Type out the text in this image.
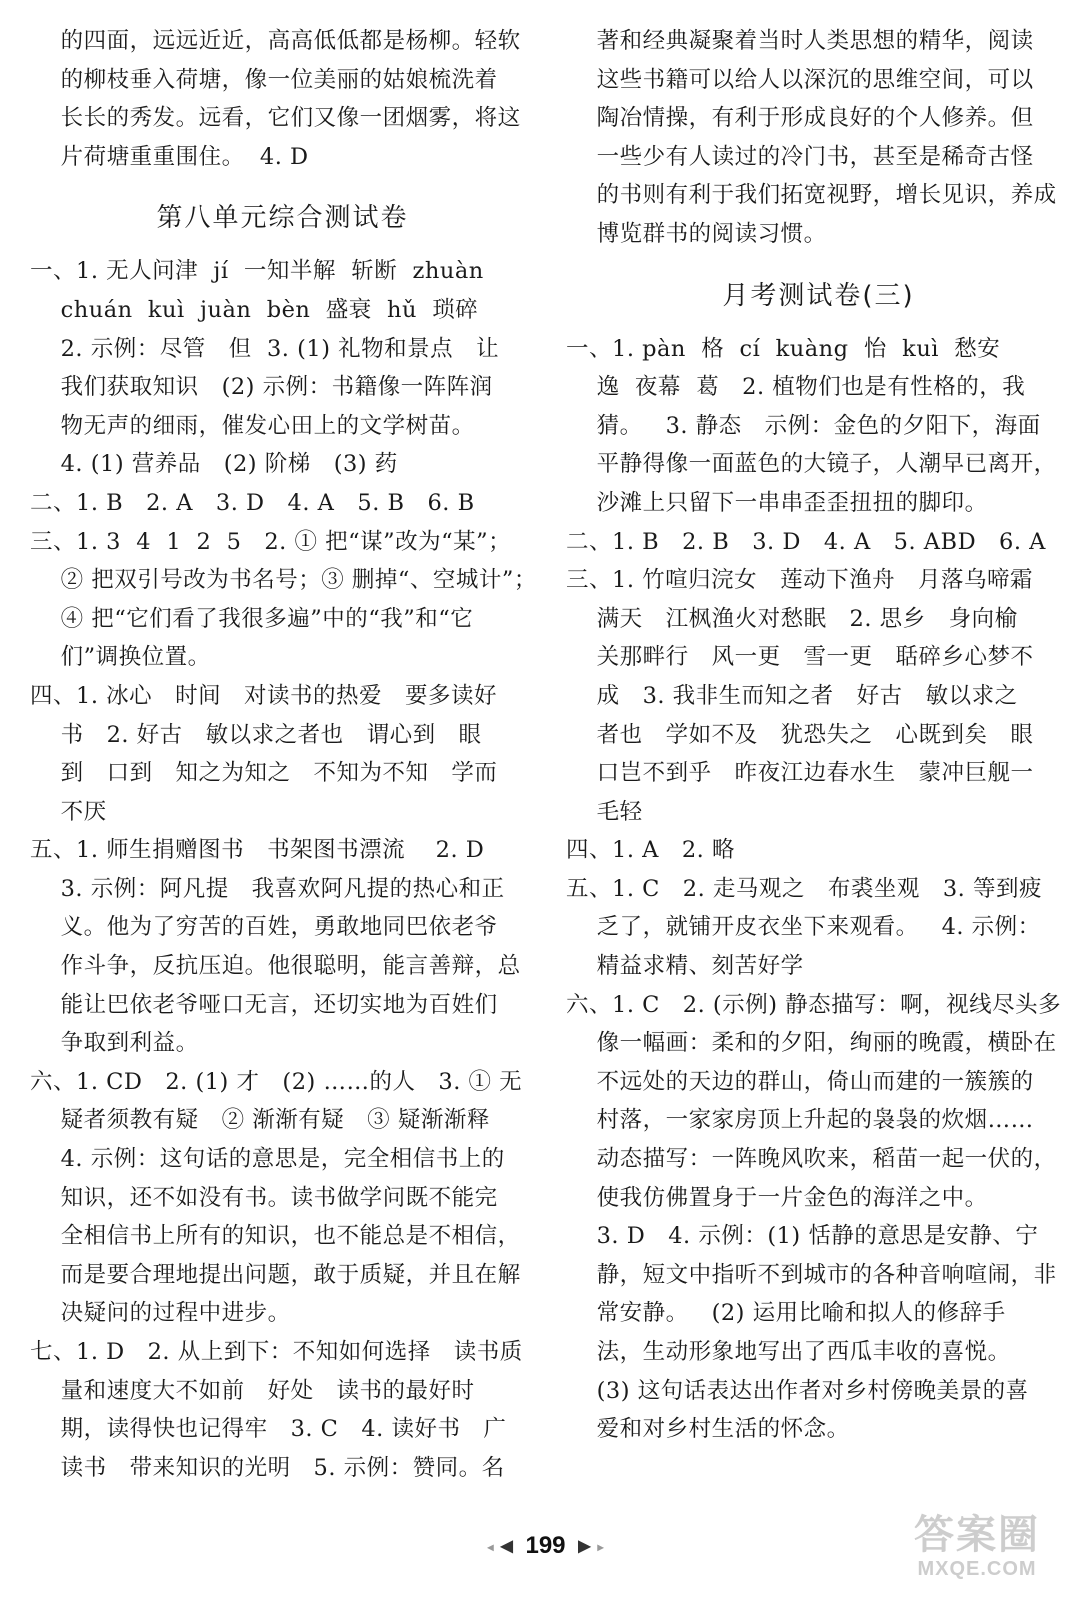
的四面，远远近近，高高低低都是杨柳。轻软
的柳枝垂入荷塘，像一位美丽的姑娘梳洗着
长长的秀发。远看，它们又像一团烟雾，将这
片荷塘重重围住。  4. D
第八单元综合测试卷
一、1. 无人问津  jí  一知半解  斩断  zhuàn
chuán  kuì  juàn  bèn  盛衰  hǔ  琐碎
2. 示例：尽管   但  3. (1) 礼物和景点   让
我们获取知识   (2) 示例：书籍像一阵阵润
物无声的细雨，催发心田上的文学树苗。
4. (1) 营养品   (2) 阶梯   (3) 药
二、1. B   2. A   3. D   4. A   5. B   6. B
三、1. 3  4  1  2  5   2. ① 把“谋”改为“某”；
② 把双引号改为书名号；③ 删掉“、空城计”；
④ 把“它们看了我很多遍”中的“我”和“它
们”调换位置。
四、1. 冰心   时间   对读书的热爱   要多读好
书   2. 好古   敏以求之者也   谓心到   眼
到   口到   知之为知之   不知为不知   学而
不厌
五、1. 师生捐赠图书   书架图书漂流    2. D
3. 示例：阿凡提   我喜欢阿凡提的热心和正
义。他为了穷苦的百姓，勇敢地同巴依老爷
作斗争，反抗压迫。他很聪明，能言善辩，总
能让巴依老爷哑口无言，还切实地为百姓们
争取到利益。
六、1. CD   2. (1) 才   (2) ……的人   3. ① 无
疑者须教有疑   ② 渐渐有疑   ③ 疑渐渐释
4. 示例：这句话的意思是，完全相信书上的
知识，还不如没有书。读书做学问既不能完
全相信书上所有的知识，也不能总是不相信，
而是要合理地提出问题，敢于质疑，并且在解
决疑问的过程中进步。
七、1. D   2. 从上到下：不知如何选择   读书质
量和速度大不如前   好处   读书的最好时
期，读得快也记得牢   3. C   4. 读好书   广
读书   带来知识的光明   5. 示例：赞同。名
著和经典凝聚着当时人类思想的精华，阅读
这些书籍可以给人以深沉的思维空间，可以
陶冶情操，有利于形成良好的个人修养。但
一些少有人读过的冷门书，甚至是稀奇古怪
的书则有利于我们拓宽视野，增长见识，养成
博览群书的阅读习惯。
月考测试卷(三)
一、1. pàn  格  cí  kuàng  怡  kuì  愁安
逸  夜幕  葛   2. 植物们也是有性格的，我
猜。   3. 静态   示例：金色的夕阳下，海面
平静得像一面蓝色的大镜子，人潮早已离开，
沙滩上只留下一串串歪歪扭扭的脚印。
二、1. B   2. B   3. D   4. A   5. ABD   6. A
三、1. 竹喧归浣女   莲动下渔舟   月落乌啼霜
满天   江枫渔火对愁眠   2. 思乡   身向榆
关那畔行   风一更   雪一更   聒碎乡心梦不
成   3. 我非生而知之者   好古   敏以求之
者也   学如不及   犹恐失之   心既到矣   眼
口岂不到乎   昨夜江边春水生   蒙冲巨舰一
毛轻
四、1. A   2. 略
五、1. C   2. 走马观之   布裘坐观   3. 等到疲
乏了，就铺开皮衣坐下来观看。   4. 示例：
精益求精、刻苦好学
六、1. C   2. (示例) 静态描写：啊，视线尽头多
像一幅画：柔和的夕阳，绚丽的晚霞，横卧在
不远处的天边的群山，倚山而建的一簇簇的
村落，一家家房顶上升起的袅袅的炊烟……
动态描写：一阵晚风吹来，稻苗一起一伏的，
使我仿佛置身于一片金色的海洋之中。
3. D   4. 示例：(1) 恬静的意思是安静、宁
静，短文中指听不到城市的各种音响喧闹，非
常安静。   (2) 运用比喻和拟人的修辞手
法，生动形象地写出了西瓜丰收的喜悦。
(3) 这句话表达出作者对乡村傍晚美景的喜
爱和对乡村生活的怀念。
◂ ◀ 199 ▶ ▸	答案圈
MXQE.COM
